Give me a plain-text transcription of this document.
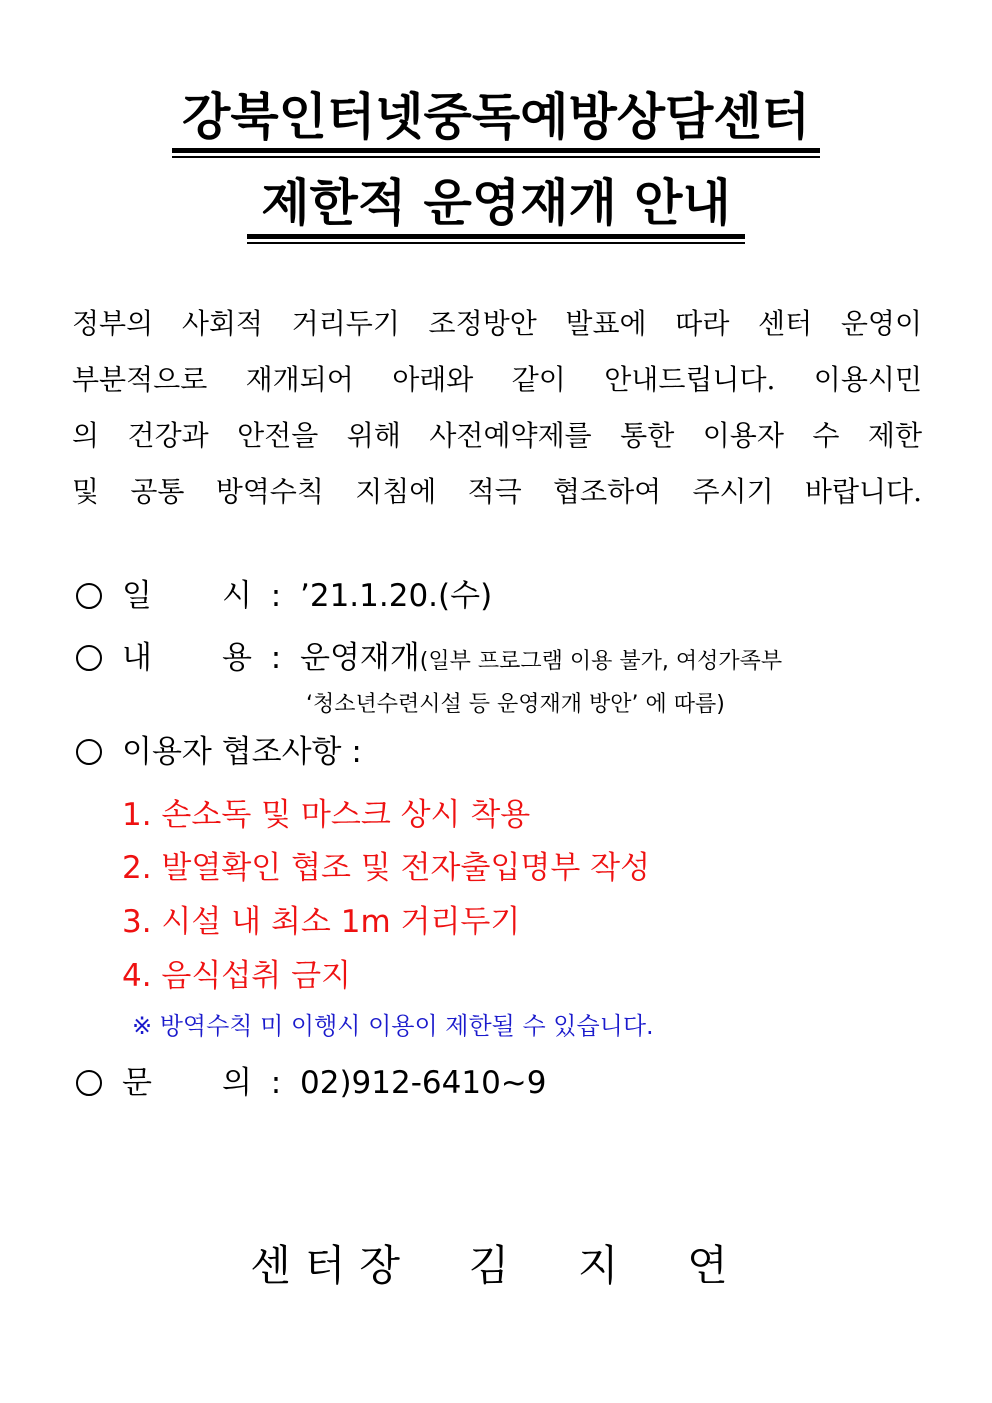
강북인터넷중독예방상담센터
제한적 운영재개 안내
정부의 사회적 거리두기 조정방안 발표에 따라 센터 운영이
부분적으로 재개되어 아래와 같이 안내드립니다. 이용시민
의 건강과 안전을 위해 사전예약제를 통한 이용자 수 제한
및 공통 방역수칙 지침에 적극 협조하여 주시기 바랍니다.
일 시 : ’21.1.20.(수)
내 용 : 운영재개(일부 프로그램 이용 불가, 여성가족부
‘청소년수련시설 등 운영재개 방안’ 에 따름)
이용자 협조사항 :
1. 손소독 및 마스크 상시 착용
2. 발열확인 협조 및 전자출입명부 작성
3. 시설 내 최소 1m 거리두기
4. 음식섭취 금지
※ 방역수칙 미 이행시 이용이 제한될 수 있습니다.
문 의 : 02)912-6410~9
센터장  김  지  연
